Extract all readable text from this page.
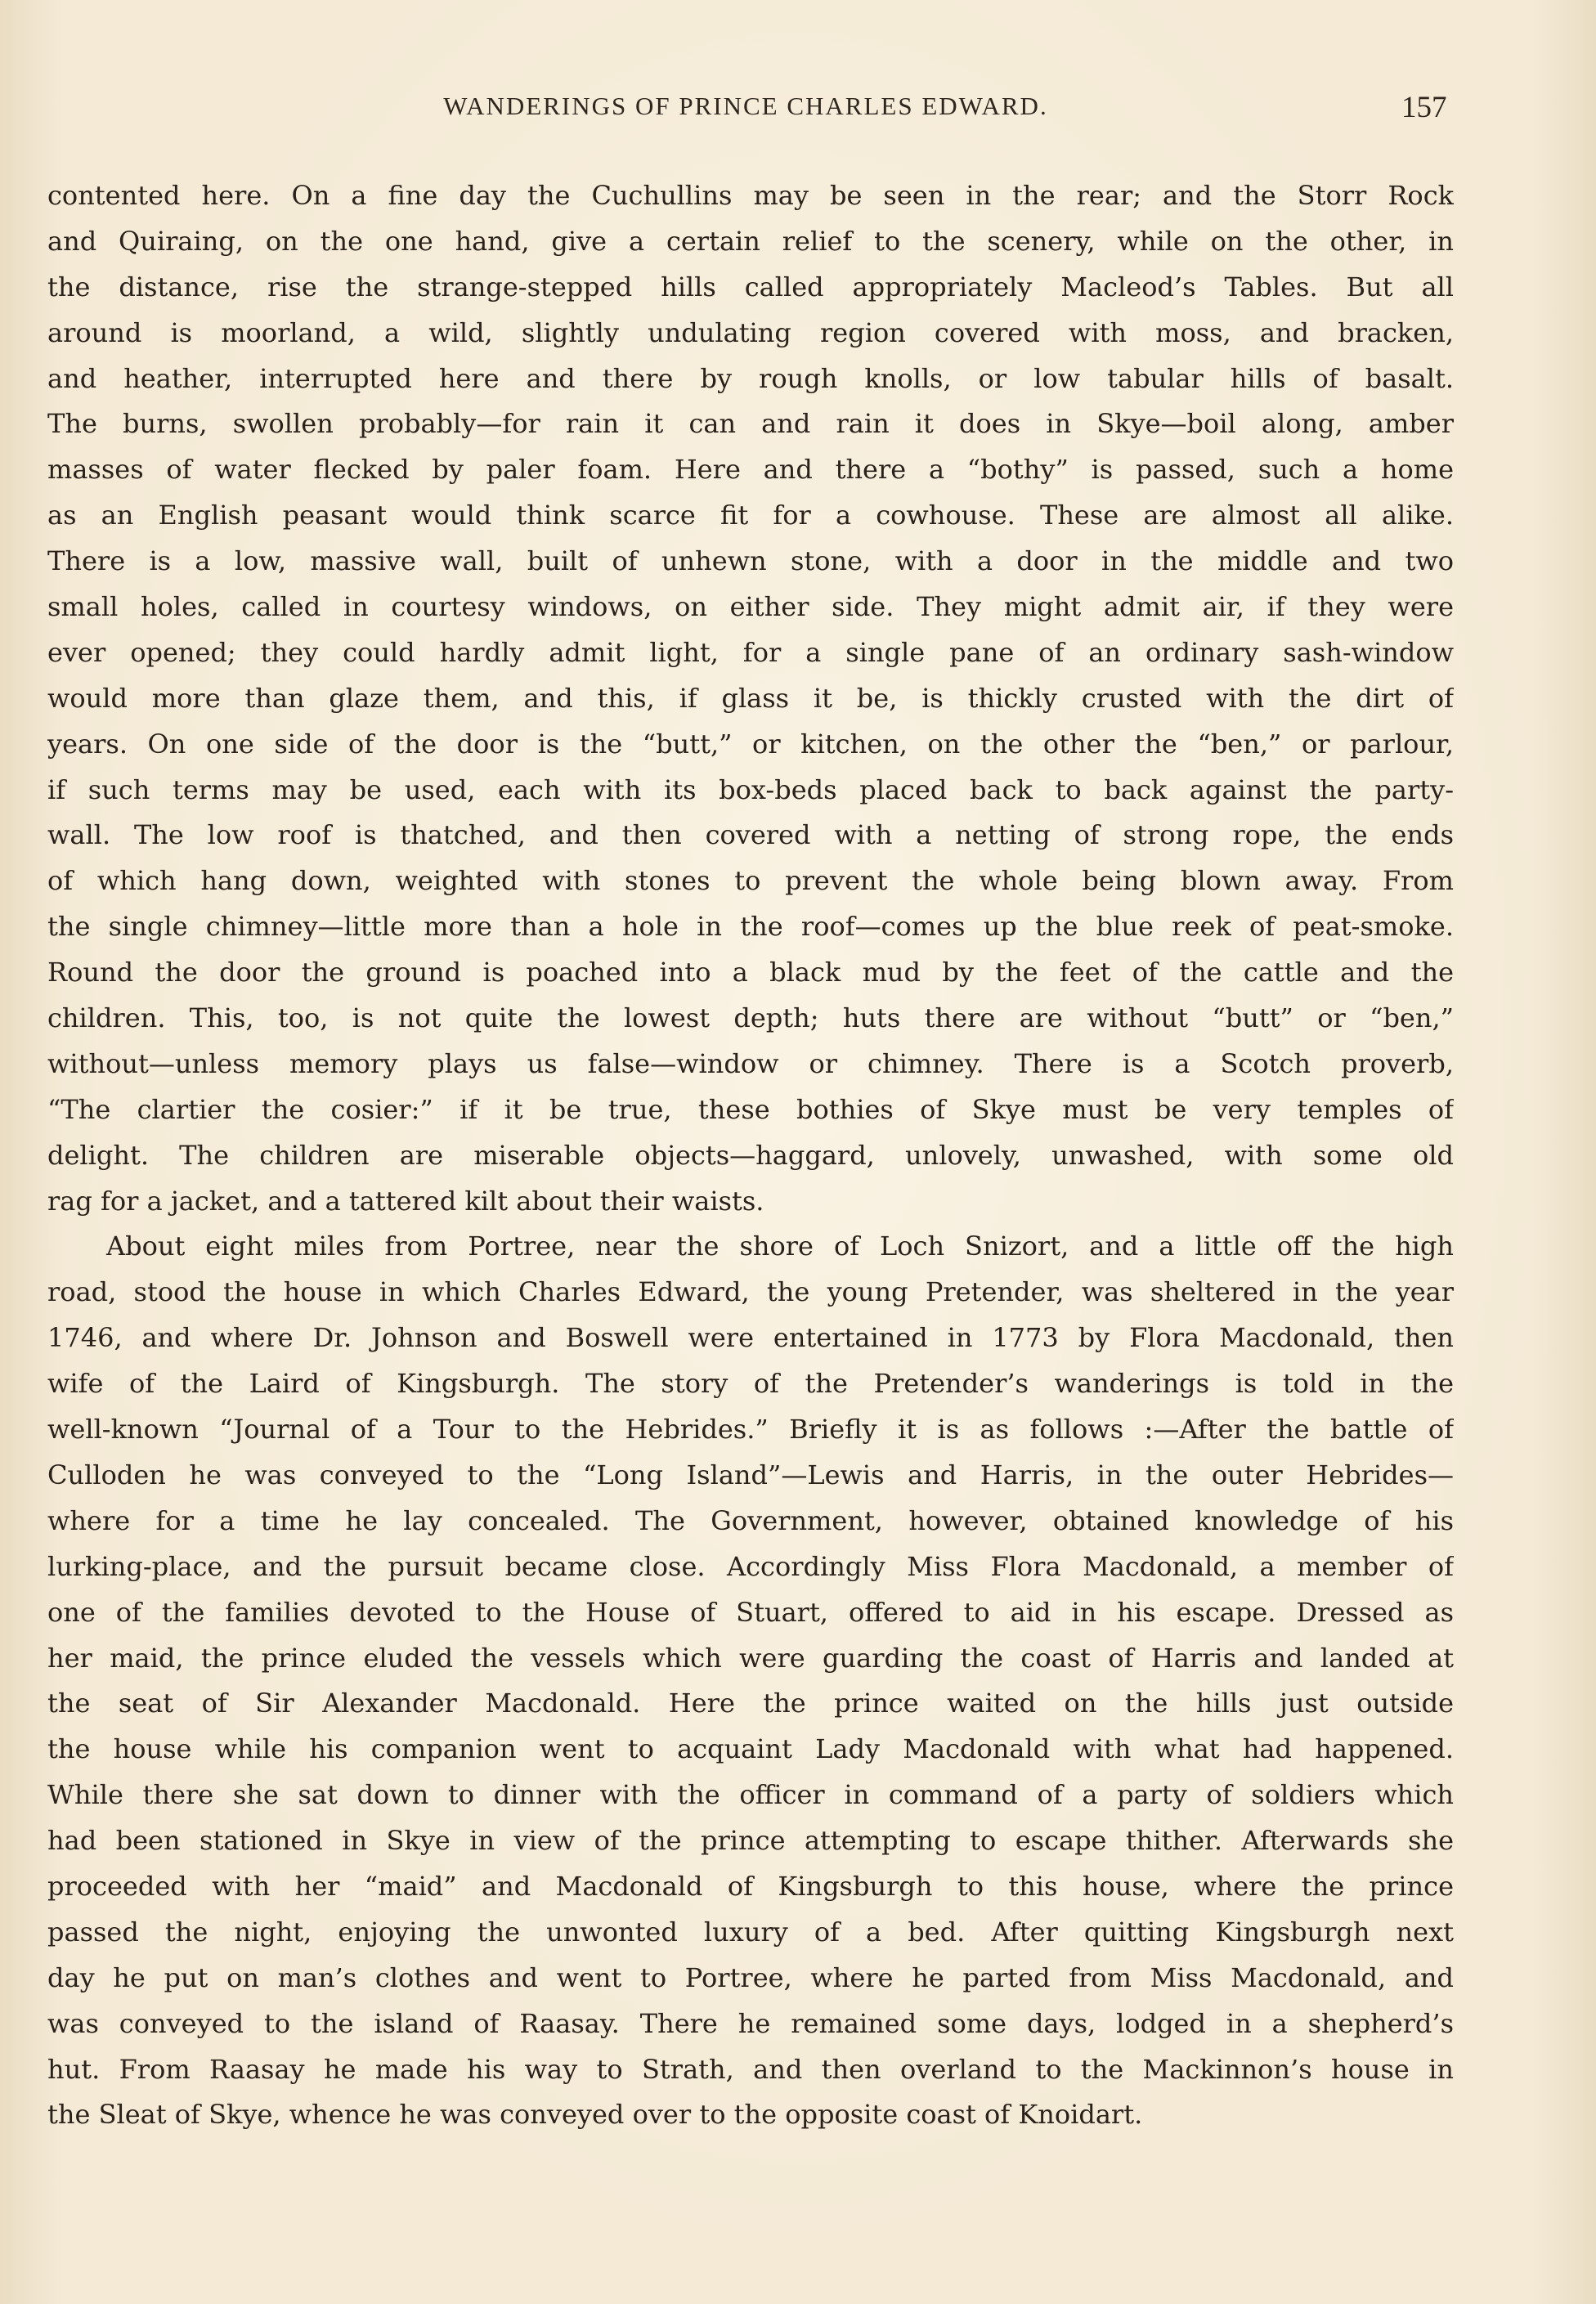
WANDERINGS OF PRINCE CHARLES EDWARD.	157
contented here. On a fine day the Cuchullins may be seen in the rear; and the Storr Rock
and Quiraing, on the one hand, give a certain relief to the scenery, while on the other, in
the distance, rise the strange-stepped hills called appropriately Macleod’s Tables. But all
around is moorland, a wild, slightly undulating region covered with moss, and bracken,
and heather, interrupted here and there by rough knolls, or low tabular hills of basalt.
The burns, swollen probably—for rain it can and rain it does in Skye—boil along, amber
masses of water flecked by paler foam. Here and there a “bothy” is passed, such a home
as an English peasant would think scarce fit for a cowhouse. These are almost all alike.
There is a low, massive wall, built of unhewn stone, with a door in the middle and two
small holes, called in courtesy windows, on either side. They might admit air, if they were
ever opened; they could hardly admit light, for a single pane of an ordinary sash-window
would more than glaze them, and this, if glass it be, is thickly crusted with the dirt of
years. On one side of the door is the “butt,” or kitchen, on the other the “ben,” or parlour,
if such terms may be used, each with its box-beds placed back to back against the party-
wall. The low roof is thatched, and then covered with a netting of strong rope, the ends
of which hang down, weighted with stones to prevent the whole being blown away. From
the single chimney—little more than a hole in the roof—comes up the blue reek of peat-smoke.
Round the door the ground is poached into a black mud by the feet of the cattle and the
children. This, too, is not quite the lowest depth; huts there are without “butt” or “ben,”
without—unless memory plays us false—window or chimney. There is a Scotch proverb,
“The clartier the cosier:” if it be true, these bothies of Skye must be very temples of
delight. The children are miserable objects—haggard, unlovely, unwashed, with some old
rag for a jacket, and a tattered kilt about their waists.
About eight miles from Portree, near the shore of Loch Snizort, and a little off the high
road, stood the house in which Charles Edward, the young Pretender, was sheltered in the year
1746, and where Dr. Johnson and Boswell were entertained in 1773 by Flora Macdonald, then
wife of the Laird of Kingsburgh. The story of the Pretender’s wanderings is told in the
well-known “Journal of a Tour to the Hebrides.” Briefly it is as follows :—After the battle of
Culloden he was conveyed to the “Long Island”—Lewis and Harris, in the outer Hebrides—
where for a time he lay concealed. The Government, however, obtained knowledge of his
lurking-place, and the pursuit became close. Accordingly Miss Flora Macdonald, a member of
one of the families devoted to the House of Stuart, offered to aid in his escape. Dressed as
her maid, the prince eluded the vessels which were guarding the coast of Harris and landed at
the seat of Sir Alexander Macdonald. Here the prince waited on the hills just outside
the house while his companion went to acquaint Lady Macdonald with what had happened.
While there she sat down to dinner with the officer in command of a party of soldiers which
had been stationed in Skye in view of the prince attempting to escape thither. Afterwards she
proceeded with her “maid” and Macdonald of Kingsburgh to this house, where the prince
passed the night, enjoying the unwonted luxury of a bed. After quitting Kingsburgh next
day he put on man’s clothes and went to Portree, where he parted from Miss Macdonald, and
was conveyed to the island of Raasay. There he remained some days, lodged in a shepherd’s
hut. From Raasay he made his way to Strath, and then overland to the Mackinnon’s house in
the Sleat of Skye, whence he was conveyed over to the opposite coast of Knoidart.
